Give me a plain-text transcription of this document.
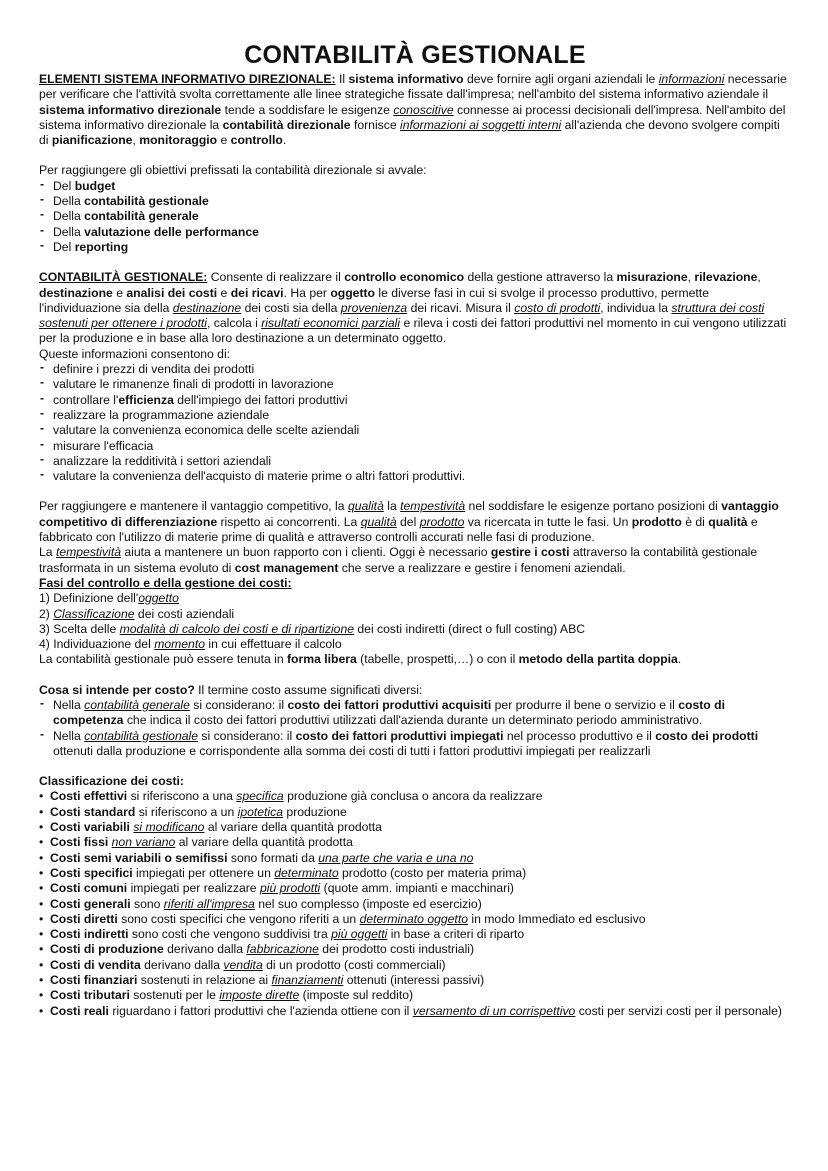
CONTABILITÀ GESTIONALE

ELEMENTI SISTEMA INFORMATIVO DIREZIONALE: Il sistema informativo deve fornire agli organi aziendali le informazioni necessarie per verificare che l'attività svolta correttamente alle linee strategiche fissate dall'impresa; nell'ambito del sistema informativo aziendale il sistema informativo direzionale tende a soddisfare le esigenze conoscitive connesse ai processi decisionali dell'impresa. Nell'ambito del sistema informativo direzionale la contabilità direzionale fornisce informazioni ai soggetti interni all'azienda che devono svolgere compiti di pianificazione, monitoraggio e controllo.

Per raggiungere gli obiettivi prefissati la contabilità direzionale si avvale:

- Del budget
- Della contabilità gestionale
- Della contabilità generale
- Della valutazione delle performance
- Del reporting

CONTABILITÀ GESTIONALE: Consente di realizzare il controllo economico della gestione attraverso la misurazione, rilevazione, destinazione e analisi dei costi e dei ricavi. Ha per oggetto le diverse fasi in cui si svolge il processo produttivo, permette l'individuazione sia della destinazione dei costi sia della provenienza dei ricavi. Misura il costo di prodotti, individua la struttura dei costi sostenuti per ottenere i prodotti, calcola i risultati economici parziali e rileva i costi dei fattori produttivi nel momento in cui vengono utilizzati per la produzione e in base alla loro destinazione a un determinato oggetto.

Queste informazioni consentono di:

- definire i prezzi di vendita dei prodotti
- valutare le rimanenze finali di prodotti in lavorazione
- controllare l'efficienza dell'impiego dei fattori produttivi
- realizzare la programmazione aziendale
- valutare la convenienza economica delle scelte aziendali
- misurare l'efficacia
- analizzare la redditività i settori aziendali
- valutare la convenienza dell'acquisto di materie prime o altri fattori produttivi.

Per raggiungere e mantenere il vantaggio competitivo, la qualità la tempestività nel soddisfare le esigenze portano posizioni di vantaggio competitivo di differenziazione rispetto ai concorrenti. La qualità del prodotto va ricercata in tutte le fasi. Un prodotto è di qualità e fabbricato con l'utilizzo di materie prime di qualità e attraverso controlli accurati nelle fasi di produzione.

La tempestività aiuta a mantenere un buon rapporto con i clienti. Oggi è necessario gestire i costi attraverso la contabilità gestionale trasformata in un sistema evoluto di cost management che serve a realizzare e gestire i fenomeni aziendali.

Fasi del controllo e della gestione dei costi:

1) Definizione dell'oggetto
2) Classificazione dei costi aziendali
3) Scelta delle modalità di calcolo dei costi e di ripartizione dei costi indiretti (direct o full costing) ABC
4) Individuazione del momento in cui effettuare il calcolo
La contabilità gestionale può essere tenuta in forma libera (tabelle, prospetti,…) o con il metodo della partita doppia.

Cosa si intende per costo? Il termine costo assume significati diversi:

- Nella contabilità generale si considerano: il costo dei fattori produttivi acquisiti per produrre il bene o servizio e il costo di competenza che indica il costo dei fattori produttivi utilizzati dall'azienda durante un determinato periodo amministrativo.
- Nella contabilità gestionale si considerano: il costo dei fattori produttivi impiegati nel processo produttivo e il costo dei prodotti ottenuti dalla produzione e corrispondente alla somma dei costi di tutti i fattori produttivi impiegati per realizzarli

Classificazione dei costi:

• Costi effettivi si riferiscono a una specifica produzione già conclusa o ancora da realizzare
• Costi standard si riferiscono a un ipotetica produzione
• Costi variabili si modificano al variare della quantità prodotta
• Costi fissi non variano al variare della quantità prodotta
• Costi semi variabili o semifissi sono formati da una parte che varia e una no
• Costi specifici impiegati per ottenere un determinato prodotto (costo per materia prima)
• Costi comuni impiegati per realizzare più prodotti (quote amm. impianti e macchinari)
• Costi generali sono riferiti all'impresa nel suo complesso (imposte ed esercizio)
• Costi diretti sono costi specifici che vengono riferiti a un determinato oggetto in modo Immediato ed esclusivo
• Costi indiretti sono costi che vengono suddivisi tra più oggetti in base a criteri di riparto
• Costi di produzione derivano dalla fabbricazione dei prodotto costi industriali)
• Costi di vendita derivano dalla vendita di un prodotto (costi commerciali)
• Costi finanziari sostenuti in relazione ai finanziamenti ottenuti (interessi passivi)
• Costi tributari sostenuti per le imposte dirette (imposte sul reddito)
• Costi reali riguardano i fattori produttivi che l'azienda ottiene con il versamento di un corrispettivo costi per servizi costi per il personale)
